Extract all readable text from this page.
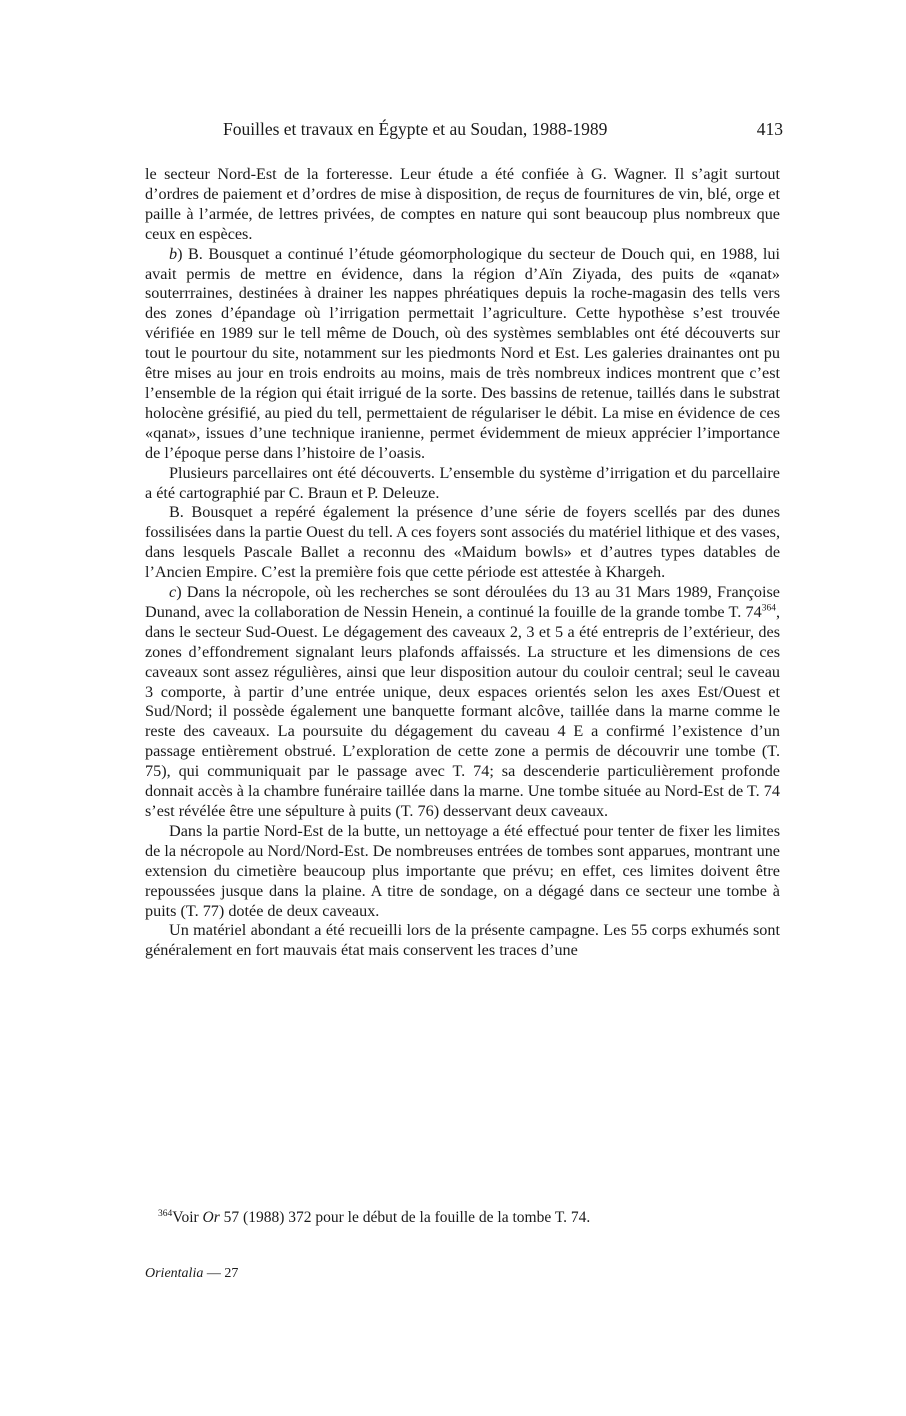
Fouilles et travaux en Égypte et au Soudan, 1988-1989	413

le secteur Nord-Est de la forteresse. Leur étude a été confiée à G. Wagner. Il s’agit surtout d’ordres de paiement et d’ordres de mise à disposition, de reçus de fournitures de vin, blé, orge et paille à l’armée, de lettres privées, de comptes en nature qui sont beaucoup plus nombreux que ceux en espèces.

b) B. Bousquet a continué l’étude géomorphologique du secteur de Douch qui, en 1988, lui avait permis de mettre en évidence, dans la région d’Aïn Ziyada, des puits de «qanat» souterrraines, destinées à drainer les nappes phréatiques depuis la roche-magasin des tells vers des zones d’épandage où l’irrigation permettait l’agriculture. Cette hypothèse s’est trouvée vérifiée en 1989 sur le tell même de Douch, où des systèmes semblables ont été découverts sur tout le pourtour du site, notamment sur les piedmonts Nord et Est. Les galeries drainantes ont pu être mises au jour en trois endroits au moins, mais de très nombreux indices montrent que c’est l’ensemble de la région qui était irrigué de la sorte. Des bassins de retenue, taillés dans le substrat holocène grésifié, au pied du tell, permettaient de régulariser le débit. La mise en évidence de ces «qanat», issues d’une technique iranienne, permet évidemment de mieux apprécier l’importance de l’époque perse dans l’histoire de l’oasis.

Plusieurs parcellaires ont été découverts. L’ensemble du système d’irrigation et du parcellaire a été cartographié par C. Braun et P. Deleuze.

B. Bousquet a repéré également la présence d’une série de foyers scellés par des dunes fossilisées dans la partie Ouest du tell. A ces foyers sont associés du matériel lithique et des vases, dans lesquels Pascale Ballet a reconnu des «Maidum bowls» et d’autres types datables de l’Ancien Empire. C’est la première fois que cette période est attestée à Khargeh.

c) Dans la nécropole, où les recherches se sont déroulées du 13 au 31 Mars 1989, Françoise Dunand, avec la collaboration de Nessin Henein, a continué la fouille de la grande tombe T. $74^{364}$, dans le secteur Sud-Ouest. Le dégagement des caveaux 2, 3 et 5 a été entrepris de l’extérieur, des zones d’effondrement signalant leurs plafonds affaissés. La structure et les dimensions de ces caveaux sont assez régulières, ainsi que leur disposition autour du couloir central; seul le caveau 3 comporte, à partir d’une entrée unique, deux espaces orientés selon les axes Est/Ouest et Sud/Nord; il possède également une banquette formant alcôve, taillée dans la marne comme le reste des caveaux. La poursuite du dégagement du caveau 4 E a confirmé l’existence d’un passage entièrement obstrué. L’exploration de cette zone a permis de découvrir une tombe (T. 75), qui communiquait par le passage avec T. 74; sa descenderie particulièrement profonde donnait accès à la chambre funéraire taillée dans la marne. Une tombe située au Nord-Est de T. 74 s’est révélée être une sépulture à puits (T. 76) desservant deux caveaux.

Dans la partie Nord-Est de la butte, un nettoyage a été effectué pour tenter de fixer les limites de la nécropole au Nord/Nord-Est. De nombreuses entrées de tombes sont apparues, montrant une extension du cimetière beaucoup plus importante que prévu; en effet, ces limites doivent être repoussées jusque dans la plaine. A titre de sondage, on a dégagé dans ce secteur une tombe à puits (T. 77) dotée de deux caveaux.

Un matériel abondant a été recueilli lors de la présente campagne. Les 55 corps exhumés sont généralement en fort mauvais état mais conservent les traces d’une

$^{364}$Voir Or 57 (1988) 372 pour le début de la fouille de la tombe T. 74.
Orientalia — 27
